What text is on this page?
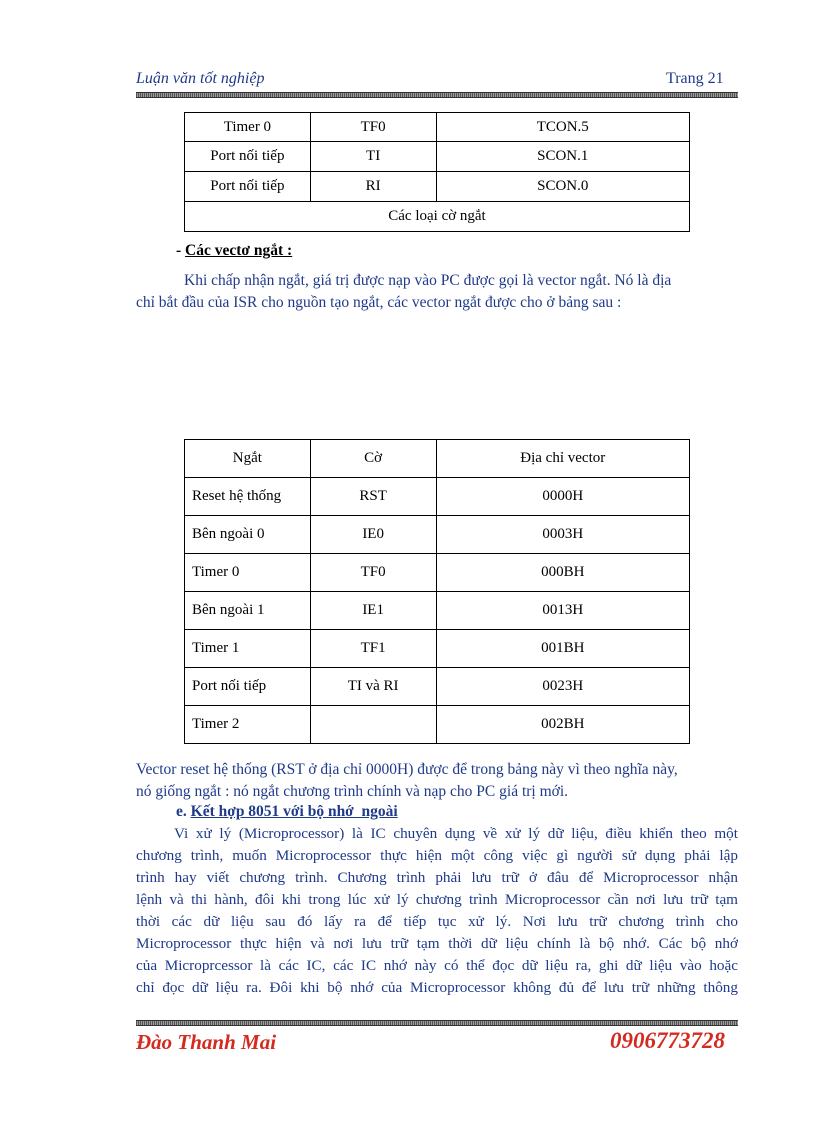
Luận văn tốt nghiệp	Trang 21
Timer 0	TF0	TCON.5
Port nối tiếp	TI	SCON.1
Port nối tiếp	RI	SCON.0
Các loại cờ ngắt		
- Các vectơ ngắt :
Khi chấp nhận ngắt, giá trị được nạp vào PC được gọi là vector ngắt. Nó là địa
chỉ bắt đầu của ISR cho nguồn tạo ngắt, các vector ngắt được cho ở bảng sau :
Ngắt	Cờ	Địa chỉ vector
Reset hệ thống	RST	0000H
Bên ngoài 0	IE0	0003H
Timer 0	TF0	000BH
Bên ngoài 1	IE1	0013H
Timer 1	TF1	001BH
Port nối tiếp	TI và RI	0023H
Timer 2		002BH
Vector reset hệ thống (RST ở địa chỉ 0000H) được để trong bảng này vì theo nghĩa này,
nó giống ngắt : nó ngắt chương trình chính và nạp cho PC giá trị mới.
e. Kết hợp 8051 với bộ nhớ  ngoài
Vi xử lý (Microprocessor) là IC chuyên dụng về xử lý dữ liệu, điều khiển theo một
chương trình, muốn Microprocessor thực hiện một công việc gì người sử dụng phải lập
trình hay viết chương trình. Chương trình phải lưu trữ ở đâu để Microprocessor nhận
lệnh và thi hành, đôi khi trong lúc xử lý chương trình Microprocessor cần nơi lưu trữ tạm
thời các dữ liệu sau đó lấy ra để tiếp tục xử lý. Nơi lưu trữ chương trình cho
Microprocessor thực hiện và nơi lưu trữ tạm thời dữ liệu chính là bộ nhớ. Các bộ nhớ
của Microprcessor là các IC, các IC nhớ này có thể đọc dữ liệu ra, ghi dữ liệu vào hoặc
chỉ đọc dữ liệu ra. Đôi khi bộ nhớ của Microprocessor không đủ để lưu trữ những thông
Đào Thanh Mai	0906773728
